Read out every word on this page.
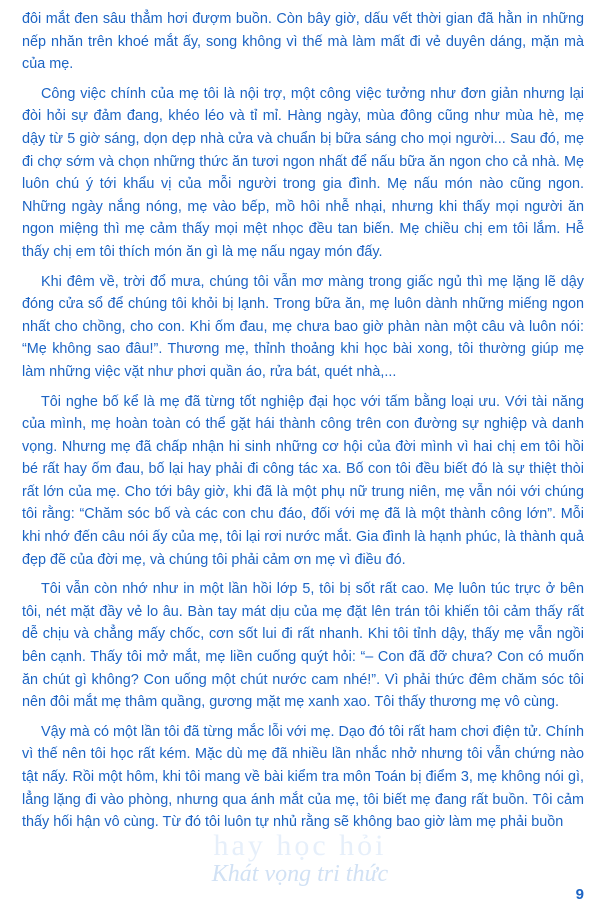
đôi mắt đen sâu thẳm hơi đượm buồn. Còn bây giờ, dấu vết thời gian đã hằn in những nếp nhăn trên khoé mắt ấy, song không vì thế mà làm mất đi vẻ duyên dáng, mặn mà của mẹ.

Công việc chính của mẹ tôi là nội trợ, một công việc tưởng như đơn giản nhưng lại đòi hỏi sự đảm đang, khéo léo và tỉ mỉ. Hàng ngày, mùa đông cũng như mùa hè, mẹ dậy từ 5 giờ sáng, dọn dẹp nhà cửa và chuẩn bị bữa sáng cho mọi người... Sau đó, mẹ đi chợ sớm và chọn những thức ăn tươi ngon nhất để nấu bữa ăn ngon cho cả nhà. Mẹ luôn chú ý tới khẩu vị của mỗi người trong gia đình. Mẹ nấu món nào cũng ngon. Những ngày nắng nóng, mẹ vào bếp, mồ hôi nhễ nhại, nhưng khi thấy mọi người ăn ngon miệng thì mẹ cảm thấy mọi mệt nhọc đều tan biến. Mẹ chiều chị em tôi lắm. Hễ thấy chị em tôi thích món ăn gì là mẹ nấu ngay món đấy.

Khi đêm về, trời đổ mưa, chúng tôi vẫn mơ màng trong giấc ngủ thì mẹ lặng lẽ dậy đóng cửa sổ để chúng tôi khỏi bị lạnh. Trong bữa ăn, mẹ luôn dành những miếng ngon nhất cho chồng, cho con. Khi ốm đau, mẹ chưa bao giờ phàn nàn một câu và luôn nói: “Mẹ không sao đâu!”. Thương mẹ, thỉnh thoảng khi học bài xong, tôi thường giúp mẹ làm những việc vặt như phơi quần áo, rửa bát, quét nhà,...

Tôi nghe bố kể là mẹ đã từng tốt nghiệp đại học với tấm bằng loại ưu. Với tài năng của mình, mẹ hoàn toàn có thể gặt hái thành công trên con đường sự nghiệp và danh vọng. Nhưng mẹ đã chấp nhận hi sinh những cơ hội của đời mình vì hai chị em tôi hồi bé rất hay ốm đau, bố lại hay phải đi công tác xa. Bố con tôi đều biết đó là sự thiệt thòi rất lớn của mẹ. Cho tới bây giờ, khi đã là một phụ nữ trung niên, mẹ vẫn nói với chúng tôi rằng: “Chăm sóc bố và các con chu đáo, đối với mẹ đã là một thành công lớn”. Mỗi khi nhớ đến câu nói ấy của mẹ, tôi lại rơi nước mắt. Gia đình là hạnh phúc, là thành quả đẹp đẽ của đời mẹ, và chúng tôi phải cảm ơn mẹ vì điều đó.

Tôi vẫn còn nhớ như in một lần hồi lớp 5, tôi bị sốt rất cao. Mẹ luôn túc trực ở bên tôi, nét mặt đầy vẻ lo âu. Bàn tay mát dịu của mẹ đặt lên trán tôi khiến tôi cảm thấy rất dễ chịu và chẳng mấy chốc, cơn sốt lui đi rất nhanh. Khi tôi tỉnh dậy, thấy mẹ vẫn ngồi bên cạnh. Thấy tôi mở mắt, mẹ liền cuống quýt hỏi: “– Con đã đỡ chưa? Con có muốn ăn chút gì không? Con uống một chút nước cam nhé!”. Vì phải thức đêm chăm sóc tôi nên đôi mắt mẹ thâm quầng, gương mặt mẹ xanh xao. Tôi thấy thương mẹ vô cùng.

Vậy mà có một lần tôi đã từng mắc lỗi với mẹ. Dạo đó tôi rất ham chơi điện tử. Chính vì thế nên tôi học rất kém. Mặc dù mẹ đã nhiều lần nhắc nhở nhưng tôi vẫn chứng nào tật nấy. Rồi một hôm, khi tôi mang về bài kiểm tra môn Toán bị điểm 3, mẹ không nói gì, lẳng lặng đi vào phòng, nhưng qua ánh mắt của mẹ, tôi biết mẹ đang rất buồn. Tôi cảm thấy hối hận vô cùng. Từ đó tôi luôn tự nhủ rằng sẽ không bao giờ làm mẹ phải buồn

hay học hỏi
Khát vọng tri thức
9
